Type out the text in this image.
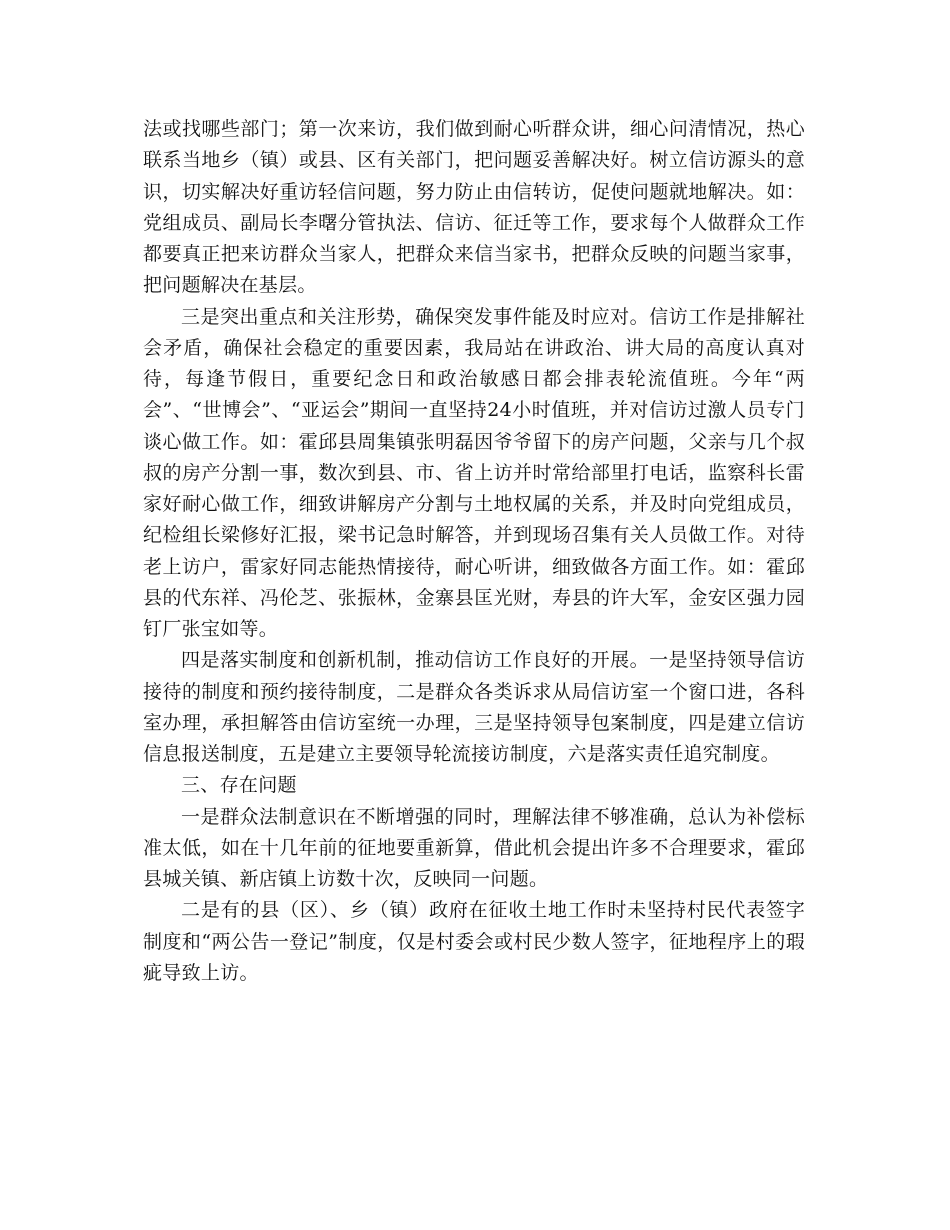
法或找哪些部门；第一次来访，我们做到耐心听群众讲，细心问清情况，热心联系当地乡（镇）或县、区有关部门，把问题妥善解决好。树立信访源头的意识，切实解决好重访轻信问题，努力防止由信转访，促使问题就地解决。如：党组成员、副局长李曙分管执法、信访、征迁等工作，要求每个人做群众工作都要真正把来访群众当家人，把群众来信当家书，把群众反映的问题当家事，把问题解决在基层。

三是突出重点和关注形势，确保突发事件能及时应对。信访工作是排解社会矛盾，确保社会稳定的重要因素，我局站在讲政治、讲大局的高度认真对待，每逢节假日，重要纪念日和政治敏感日都会排表轮流值班。今年“两会”、“世博会”、“亚运会”期间一直坚持24小时值班，并对信访过激人员专门谈心做工作。如：霍邱县周集镇张明磊因爷爷留下的房产问题，父亲与几个叔叔的房产分割一事，数次到县、市、省上访并时常给部里打电话，监察科长雷家好耐心做工作，细致讲解房产分割与土地权属的关系，并及时向党组成员，纪检组长梁修好汇报，梁书记急时解答，并到现场召集有关人员做工作。对待老上访户，雷家好同志能热情接待，耐心听讲，细致做各方面工作。如：霍邱县的代东祥、冯伦芝、张振林，金寨县匡光财，寿县的许大军，金安区强力园钉厂张宝如等。

四是落实制度和创新机制，推动信访工作良好的开展。一是坚持领导信访接待的制度和预约接待制度，二是群众各类诉求从局信访室一个窗口进，各科室办理，承担解答由信访室统一办理，三是坚持领导包案制度，四是建立信访信息报送制度，五是建立主要领导轮流接访制度，六是落实责任追究制度。

三、存在问题

一是群众法制意识在不断增强的同时，理解法律不够准确，总认为补偿标准太低，如在十几年前的征地要重新算，借此机会提出许多不合理要求，霍邱县城关镇、新店镇上访数十次，反映同一问题。

二是有的县（区）、乡（镇）政府在征收土地工作时未坚持村民代表签字制度和“两公告一登记”制度，仅是村委会或村民少数人签字，征地程序上的瑕疵导致上访。
